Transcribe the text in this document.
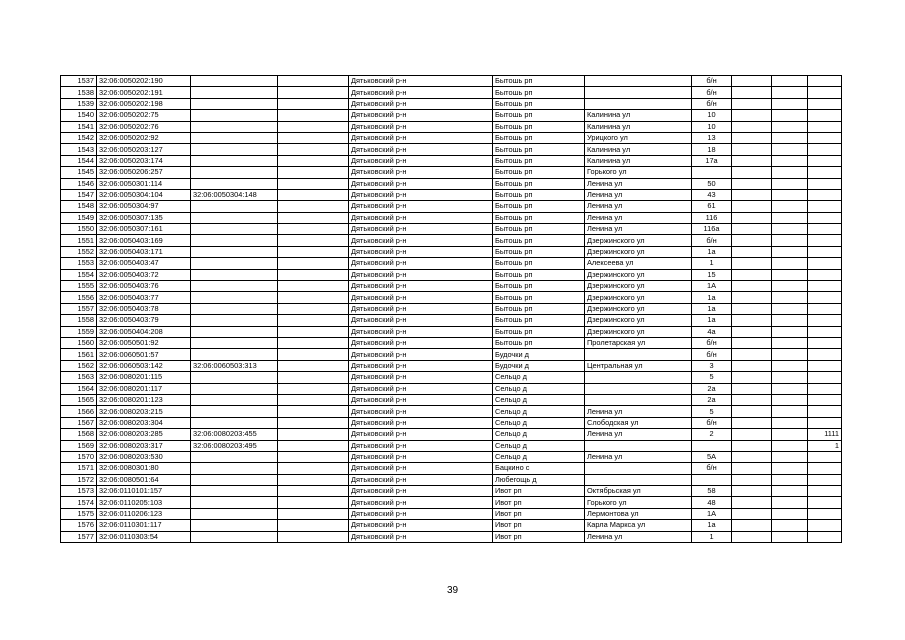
1537	32:06:0050202:190			Дятьковский р-н	Бытошь рп		б/н			
1538	32:06:0050202:191			Дятьковский р-н	Бытошь рп		б/н			
1539	32:06:0050202:198			Дятьковский р-н	Бытошь рп		б/н			
1540	32:06:0050202:75			Дятьковский р-н	Бытошь рп	Калинина ул	10			
1541	32:06:0050202:76			Дятьковский р-н	Бытошь рп	Калинина ул	10			
1542	32:06:0050202:92			Дятьковский р-н	Бытошь рп	Урицкого ул	13			
1543	32:06:0050203:127			Дятьковский р-н	Бытошь рп	Калинина ул	18			
1544	32:06:0050203:174			Дятьковский р-н	Бытошь рп	Калинина ул	17а			
1545	32:06:0050206:257			Дятьковский р-н	Бытошь рп	Горького ул				
1546	32:06:0050301:114			Дятьковский р-н	Бытошь рп	Ленина ул	50			
1547	32:06:0050304:104	32:06:0050304:148		Дятьковский р-н	Бытошь рп	Ленина ул	43			
1548	32:06:0050304:97			Дятьковский р-н	Бытошь рп	Ленина ул	61			
1549	32:06:0050307:135			Дятьковский р-н	Бытошь рп	Ленина ул	116			
1550	32:06:0050307:161			Дятьковский р-н	Бытошь рп	Ленина ул	116а			
1551	32:06:0050403:169			Дятьковский р-н	Бытошь рп	Дзержинского ул	б/н			
1552	32:06:0050403:171			Дятьковский р-н	Бытошь рп	Дзержинского ул	1а			
1553	32:06:0050403:47			Дятьковский р-н	Бытошь рп	Алексеева ул	1			
1554	32:06:0050403:72			Дятьковский р-н	Бытошь рп	Дзержинского ул	15			
1555	32:06:0050403:76			Дятьковский р-н	Бытошь рп	Дзержинского ул	1А			
1556	32:06:0050403:77			Дятьковский р-н	Бытошь рп	Дзержинского ул	1а			
1557	32:06:0050403:78			Дятьковский р-н	Бытошь рп	Дзержинского ул	1а			
1558	32:06:0050403:79			Дятьковский р-н	Бытошь рп	Дзержинского ул	1а			
1559	32:06:0050404:208			Дятьковский р-н	Бытошь рп	Дзержинского ул	4а			
1560	32:06:0050501:92			Дятьковский р-н	Бытошь рп	Пролетарская ул	б/н			
1561	32:06:0060501:57			Дятьковский р-н	Будочки д		б/н			
1562	32:06:0060503:142	32:06:0060503:313		Дятьковский р-н	Будочки д	Центральная ул	3			
1563	32:06:0080201:115			Дятьковский р-н	Сельцо д		5			
1564	32:06:0080201:117			Дятьковский р-н	Сельцо д		2а			
1565	32:06:0080201:123			Дятьковский р-н	Сельцо д		2а			
1566	32:06:0080203:215			Дятьковский р-н	Сельцо д	Ленина ул	5			
1567	32:06:0080203:304			Дятьковский р-н	Сельцо д	Слободская ул	б/н			
1568	32:06:0080203:285	32:06:0080203:455		Дятьковский р-н	Сельцо д	Ленина ул	2			1111
1569	32:06:0080203:317	32:06:0080203:495		Дятьковский р-н	Сельцо д					1
1570	32:06:0080203:530			Дятьковский р-н	Сельцо д	Ленина ул	5А			
1571	32:06:0080301:80			Дятьковский р-н	Бацкино с		б/н			
1572	32:06:0080501:64			Дятьковский р-н	Любегощь д					
1573	32:06:0110101:157			Дятьковский р-н	Ивот рп	Октябрьская ул	58			
1574	32:06:0110205:103			Дятьковский р-н	Ивот рп	Горького ул	48			
1575	32:06:0110206:123			Дятьковский р-н	Ивот рп	Лермонтова ул	1А			
1576	32:06:0110301:117			Дятьковский р-н	Ивот рп	Карла Маркса ул	1а			
1577	32:06:0110303:54			Дятьковский р-н	Ивот рп	Ленина ул	1			
39
